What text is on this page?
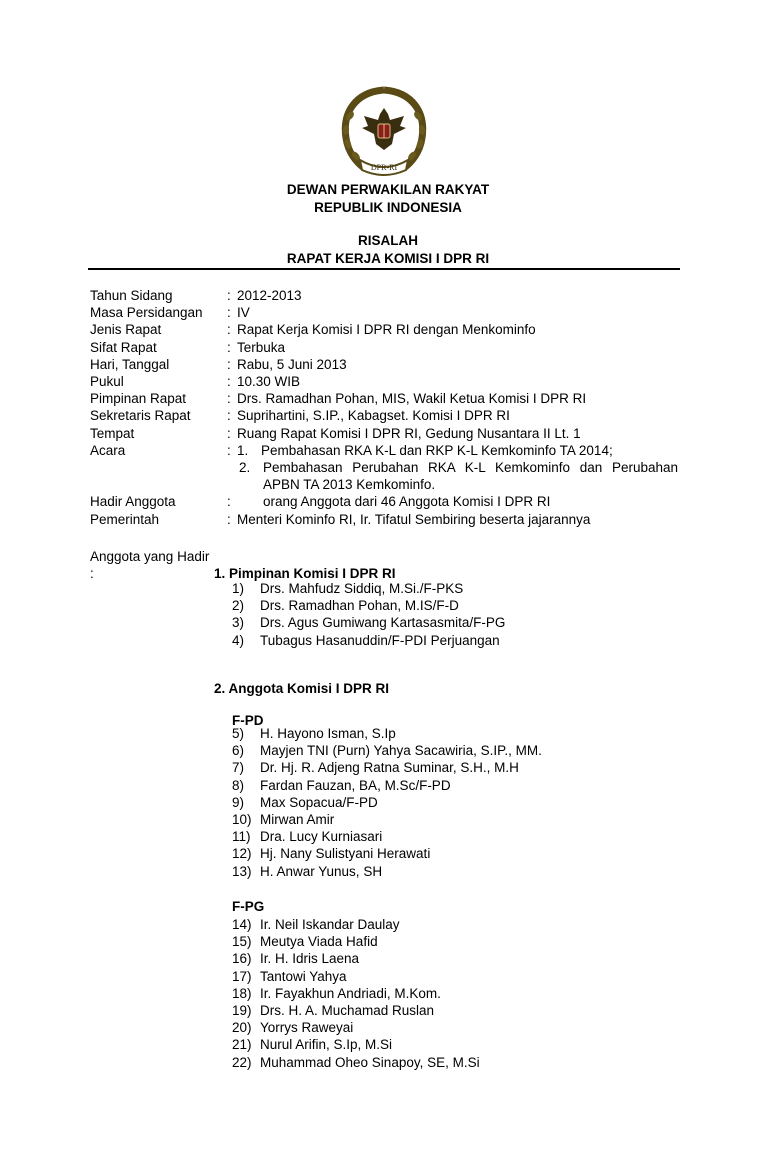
DPR-RI
DEWAN PERWAKILAN RAKYAT
REPUBLIK INDONESIA
RISALAH
RAPAT KERJA KOMISI I DPR RI
Tahun Sidang	: 2012-2013
Masa Persidangan	: IV
Jenis Rapat	: Rapat Kerja Komisi I DPR RI dengan Menkominfo
Sifat Rapat	: Terbuka
Hari, Tanggal	: Rabu, 5 Juni 2013
Pukul	: 10.30 WIB
Pimpinan Rapat	: Drs. Ramadhan Pohan, MIS, Wakil Ketua Komisi I DPR RI
Sekretaris Rapat	: Suprihartini, S.IP., Kabagset. Komisi I DPR RI
Tempat	: Ruang Rapat Komisi I DPR RI, Gedung Nusantara II Lt. 1
Acara	: 1. Pembahasan RKA K-L dan RKP K-L Kemkominfo TA 2014;
2. Pembahasan Perubahan RKA K-L Kemkominfo dan Perubahan APBN TA 2013 Kemkominfo.
Hadir Anggota	:	orang Anggota dari 46 Anggota Komisi I DPR RI
Pemerintah	: Menteri Kominfo RI, Ir. Tifatul Sembiring beserta jajarannya
Anggota yang Hadir :	1. Pimpinan Komisi I DPR RI
1)	Drs. Mahfudz Siddiq, M.Si./F-PKS
2)	Drs. Ramadhan Pohan, M.IS/F-D
3)	Drs. Agus Gumiwang Kartasasmita/F-PG
4)	Tubagus Hasanuddin/F-PDI Perjuangan
2. Anggota Komisi I DPR RI
F-PD
5)	H. Hayono Isman, S.Ip
6)	Mayjen TNI (Purn) Yahya Sacawiria, S.IP., MM.
7)	Dr. Hj. R. Adjeng Ratna Suminar, S.H., M.H
8)	Fardan Fauzan, BA, M.Sc/F-PD
9)	Max Sopacua/F-PD
10) Mirwan Amir
11) Dra. Lucy Kurniasari
12) Hj. Nany Sulistyani Herawati
13) H. Anwar Yunus, SH
F-PG
14) Ir. Neil Iskandar Daulay
15) Meutya Viada Hafid
16) Ir. H. Idris Laena
17) Tantowi Yahya
18) Ir. Fayakhun Andriadi, M.Kom.
19) Drs. H. A. Muchamad Ruslan
20) Yorrys Raweyai
21) Nurul Arifin, S.Ip, M.Si
22) Muhammad Oheo Sinapoy, SE, M.Si
